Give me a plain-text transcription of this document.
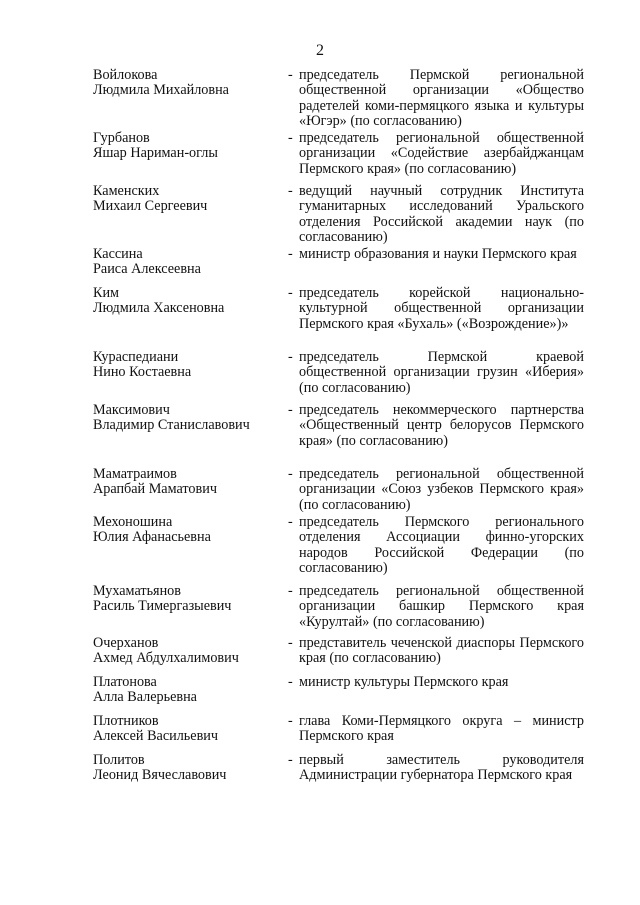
2
Войлокова
Людмила Михайловна
- председатель Пермской региональной общественной организации «Общество радетелей коми-пермяцкого языка и культуры «Югэр» (по согласованию)
Гурбанов
Яшар Нариман-оглы
- председатель региональной общественной организации «Содействие азербайджанцам Пермского края» (по согласованию)
Каменских
Михаил Сергеевич
- ведущий научный сотрудник Института гуманитарных исследований Уральского отделения Российской академии наук (по согласованию)
Кассина
Раиса Алексеевна
- министр образования и науки Пермского края
Ким
Людмила Хаксеновна
- председатель корейской национально-культурной общественной организации Пермского края «Бухаль» («Возрождение»)»
Кураспедиани
Нино Костаевна
- председатель Пермской краевой общественной организации грузин «Иберия» (по согласованию)
Максимович
Владимир Станиславович
- председатель некоммерческого партнерства «Общественный центр белорусов Пермского края» (по согласованию)
Маматраимов
Арапбай Маматович
- председатель региональной общественной организации «Союз узбеков Пермского края» (по согласованию)
Мехоношина
Юлия Афанасьевна
- председатель Пермского регионального отделения Ассоциации финно-угорских народов Российской Федерации (по согласованию)
Мухаматьянов
Расиль Тимергазыевич
- председатель региональной общественной организации башкир Пермского края «Курултай» (по согласованию)
Очерханов
Ахмед Абдулхалимович
- представитель чеченской диаспоры Пермского края (по согласованию)
Платонова
Алла Валерьевна
- министр культуры Пермского края
Плотников
Алексей Васильевич
- глава Коми-Пермяцкого округа – министр Пермского края
Политов
Леонид Вячеславович
- первый заместитель руководителя Администрации губернатора Пермского края
